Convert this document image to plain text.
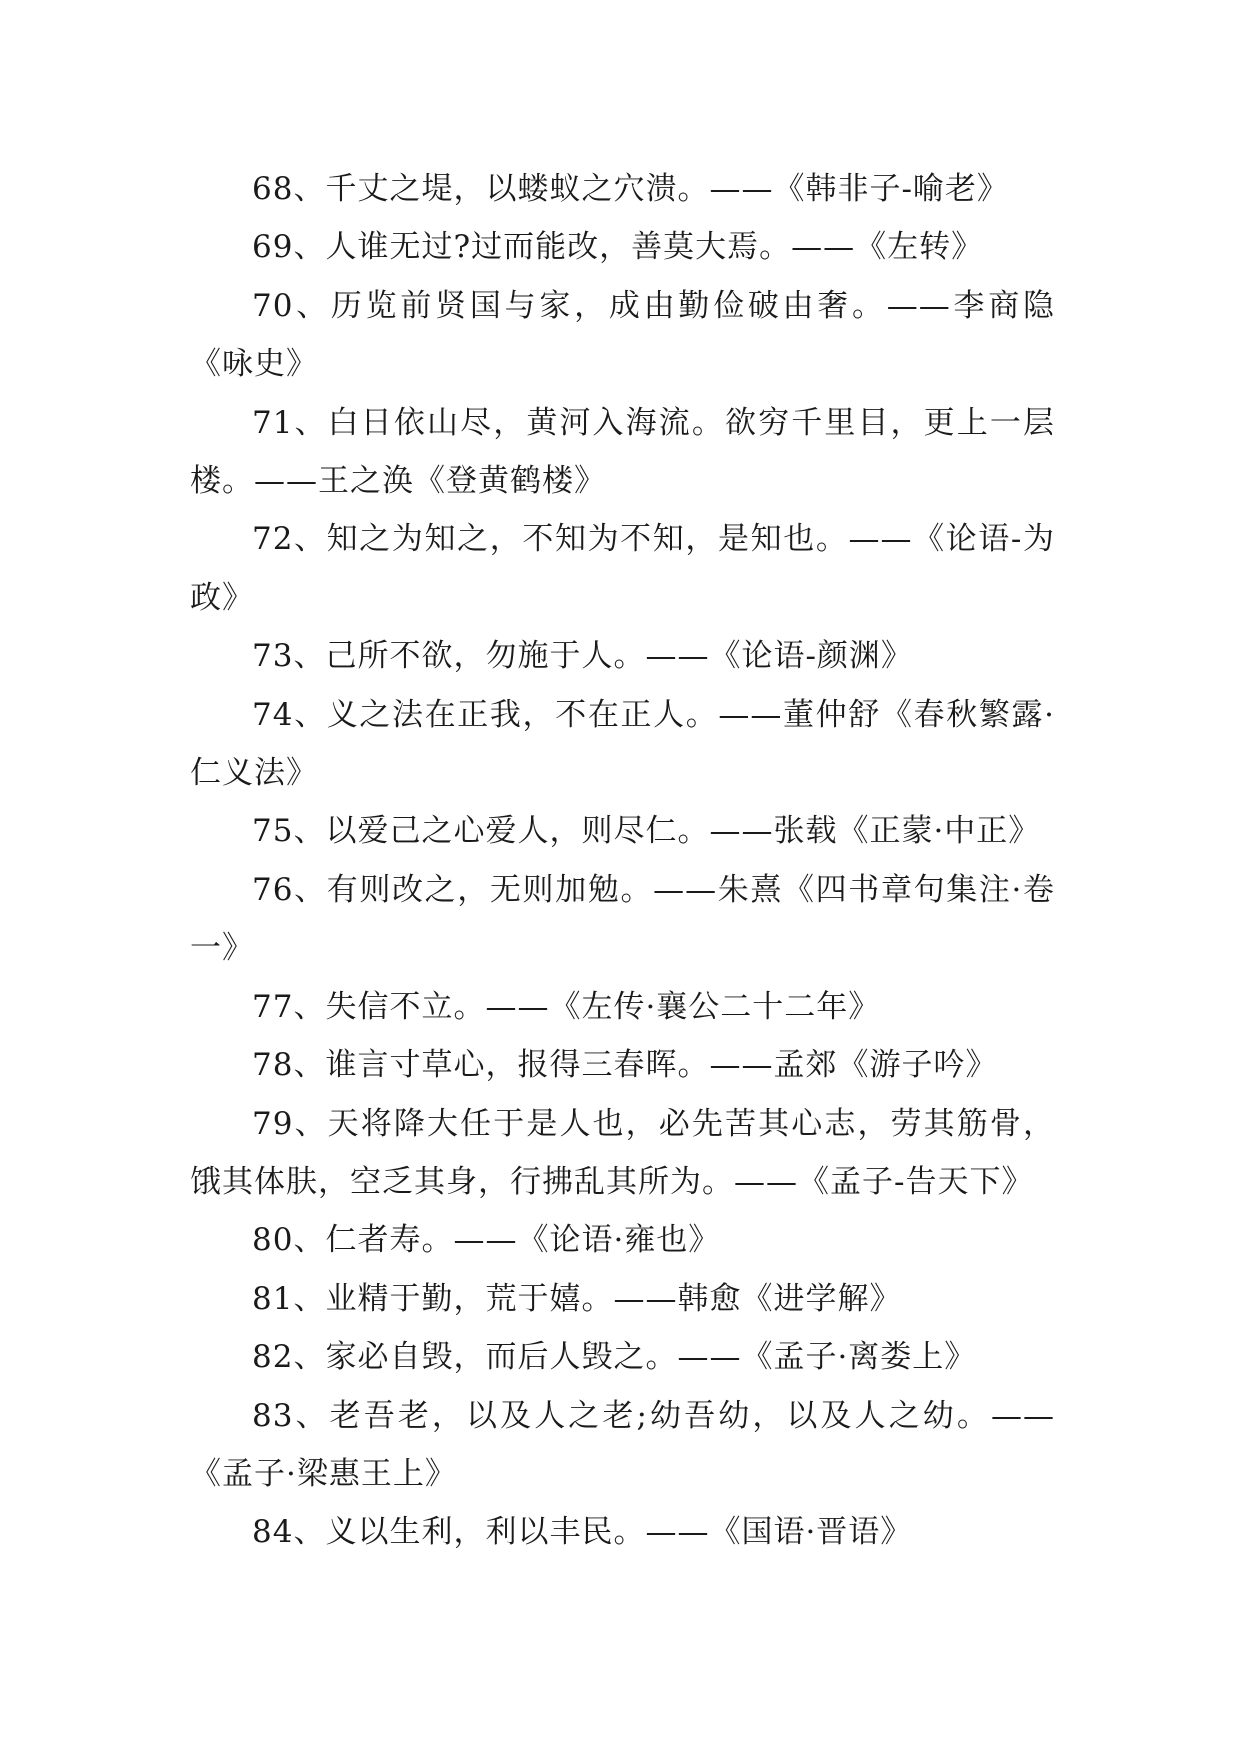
68、千丈之堤，以蝼蚁之穴溃。——《韩非子-喻老》

69、人谁无过?过而能改，善莫大焉。——《左转》

70、历览前贤国与家，成由勤俭破由奢。——李商隐《咏史》

71、白日依山尽，黄河入海流。欲穷千里目，更上一层楼。——王之涣《登黄鹤楼》

72、知之为知之，不知为不知，是知也。——《论语-为政》

73、己所不欲，勿施于人。——《论语-颜渊》

74、义之法在正我，不在正人。——董仲舒《春秋繁露·仁义法》

75、以爱己之心爱人，则尽仁。——张载《正蒙·中正》

76、有则改之，无则加勉。——朱熹《四书章句集注·卷一》

77、失信不立。——《左传·襄公二十二年》

78、谁言寸草心，报得三春晖。——孟郊《游子吟》

79、天将降大任于是人也，必先苦其心志，劳其筋骨，饿其体肤，空乏其身，行拂乱其所为。——《孟子-告天下》

80、仁者寿。——《论语·雍也》

81、业精于勤，荒于嬉。——韩愈《进学解》

82、家必自毁，而后人毁之。——《孟子·离娄上》

83、老吾老，以及人之老;幼吾幼，以及人之幼。——《孟子·梁惠王上》

84、义以生利，利以丰民。——《国语·晋语》
